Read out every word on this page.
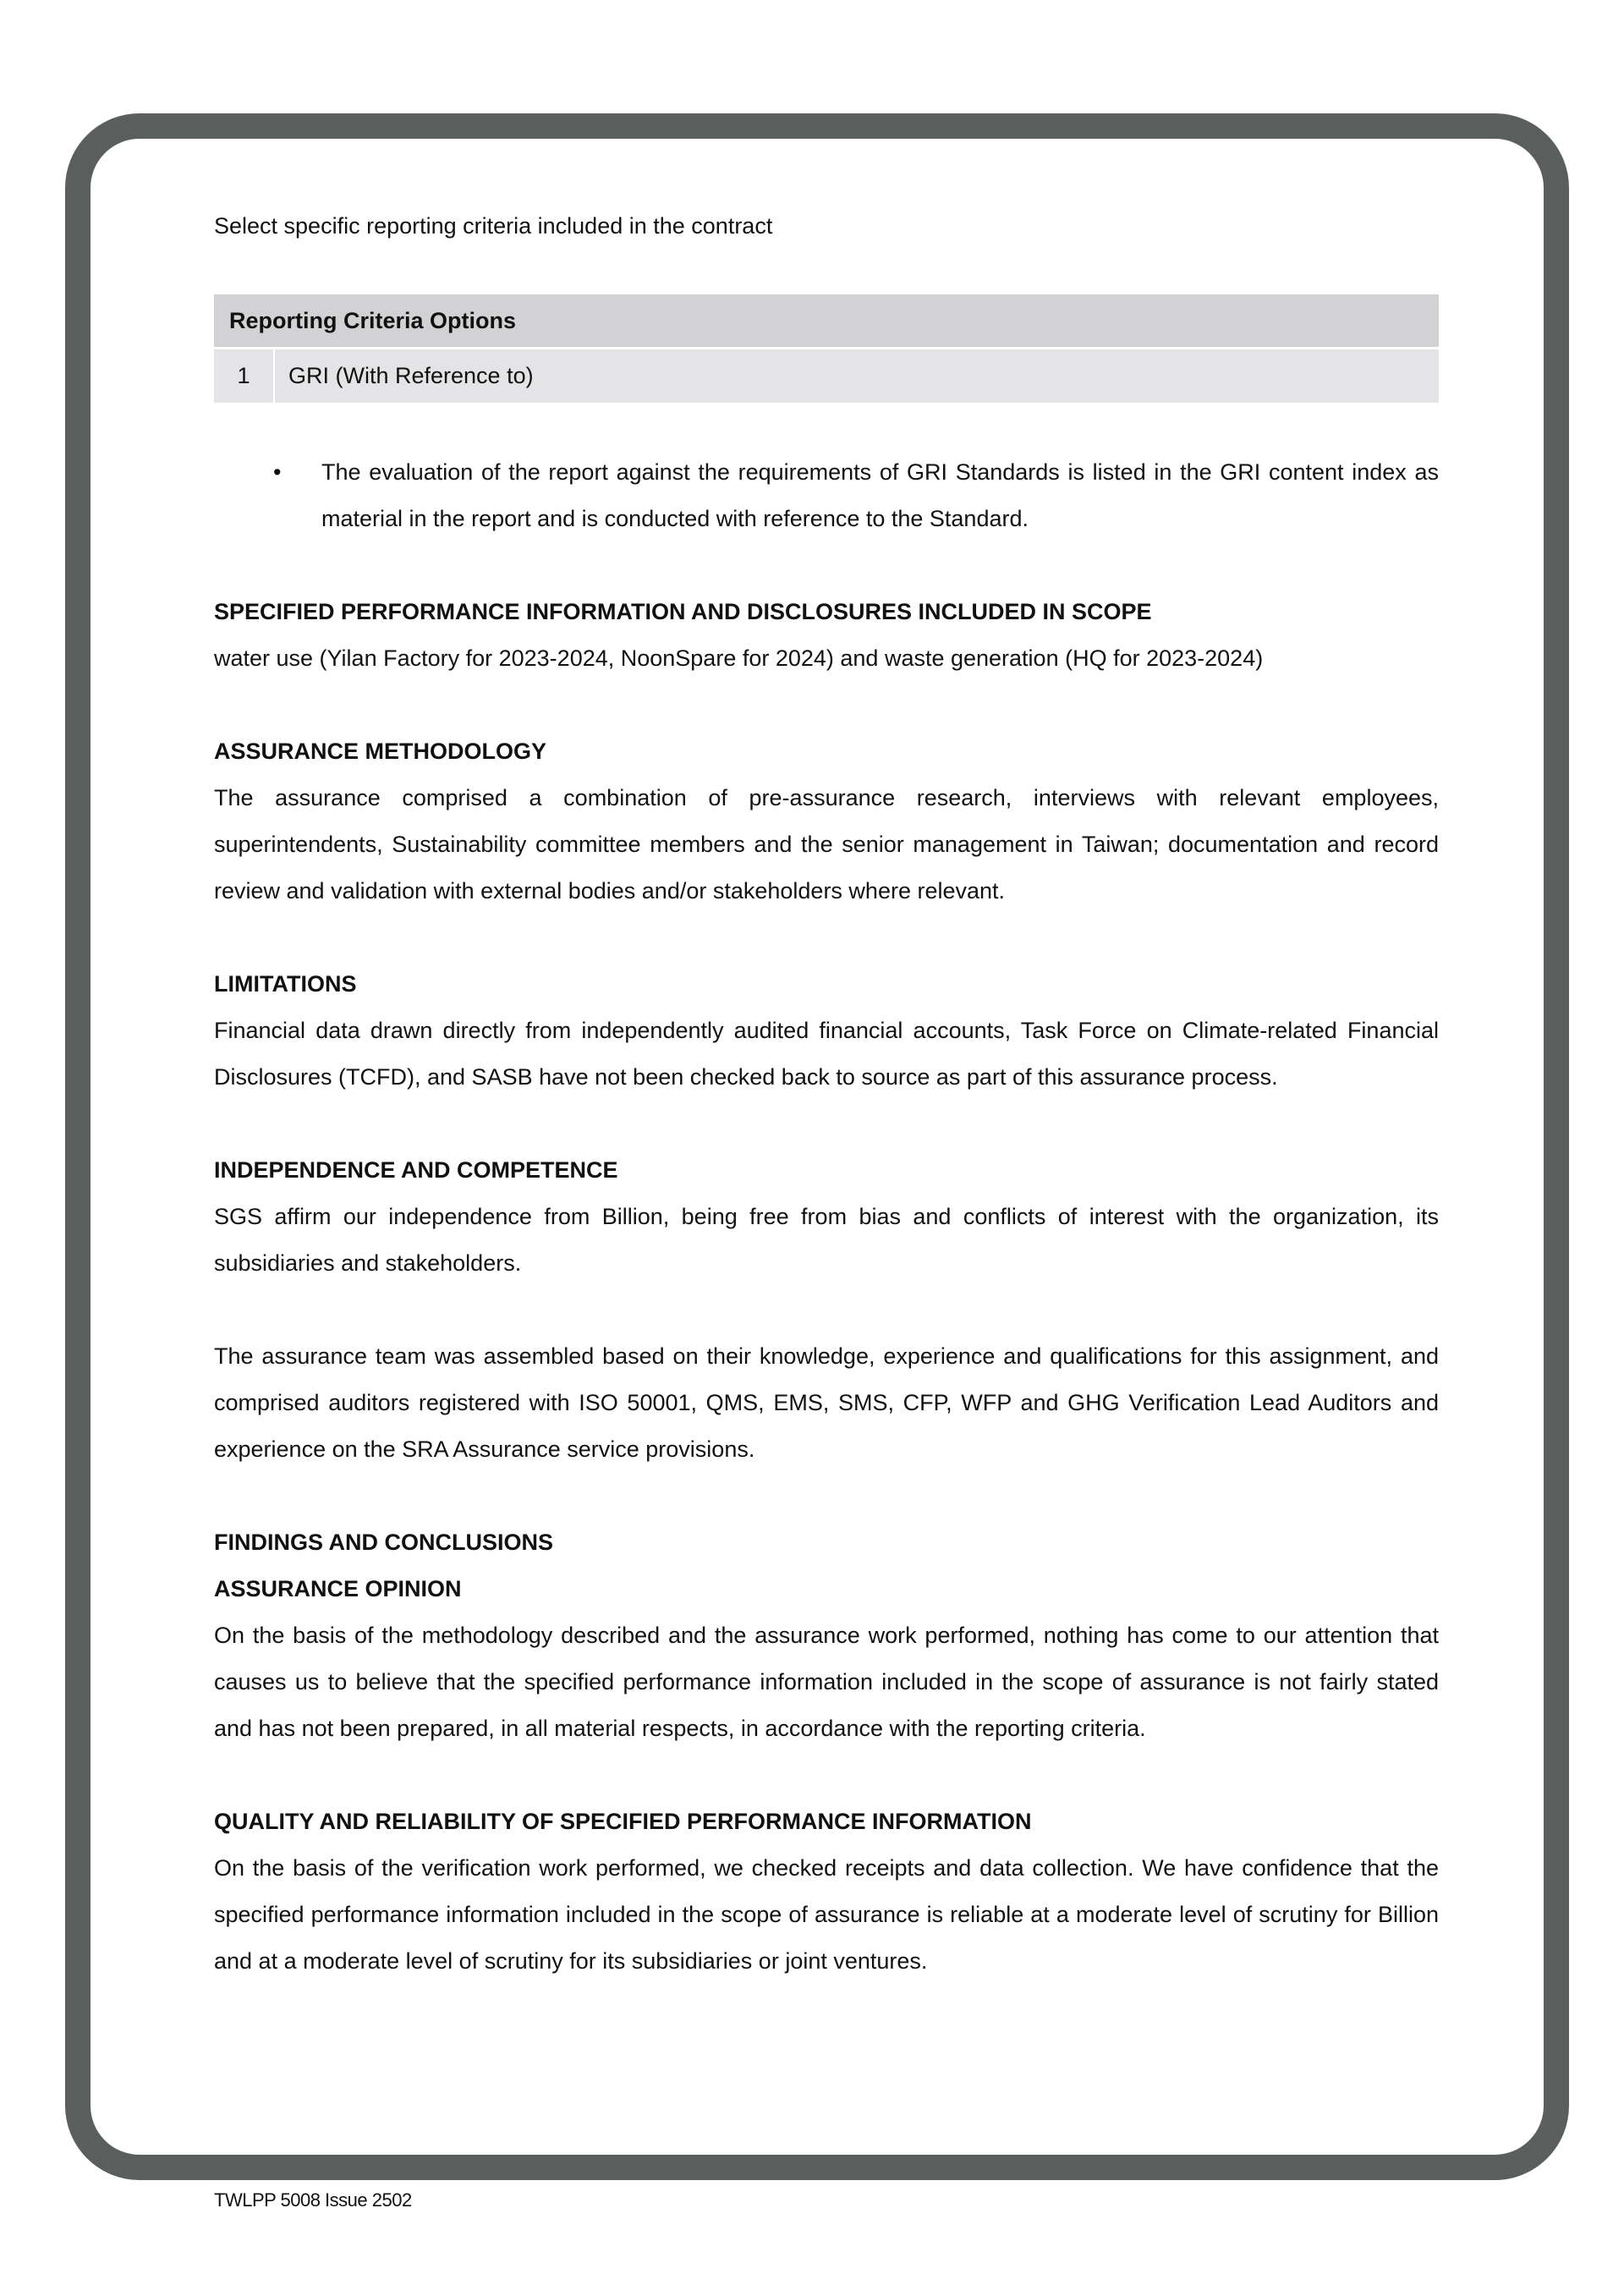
Select specific reporting criteria included in the contract

Reporting Criteria Options
1	GRI (With Reference to)
•	The evaluation of the report against the requirements of GRI Standards is listed in the GRI content index as material in the report and is conducted with reference to the Standard.

SPECIFIED PERFORMANCE INFORMATION AND DISCLOSURES INCLUDED IN SCOPE

water use (Yilan Factory for 2023-2024, NoonSpare for 2024) and waste generation (HQ for 2023-2024)

ASSURANCE METHODOLOGY

The assurance comprised a combination of pre-assurance research, interviews with relevant employees, superintendents, Sustainability committee members and the senior management in Taiwan; documentation and record review and validation with external bodies and/or stakeholders where relevant.

LIMITATIONS

Financial data drawn directly from independently audited financial accounts, Task Force on Climate-related Financial Disclosures (TCFD), and SASB have not been checked back to source as part of this assurance process.

INDEPENDENCE AND COMPETENCE

SGS affirm our independence from Billion, being free from bias and conflicts of interest with the organization, its subsidiaries and stakeholders.

The assurance team was assembled based on their knowledge, experience and qualifications for this assignment, and comprised auditors registered with ISO 50001, QMS, EMS, SMS, CFP, WFP and GHG Verification Lead Auditors and experience on the SRA Assurance service provisions.

FINDINGS AND CONCLUSIONS

ASSURANCE OPINION

On the basis of the methodology described and the assurance work performed, nothing has come to our attention that causes us to believe that the specified performance information included in the scope of assurance is not fairly stated and has not been prepared, in all material respects, in accordance with the reporting criteria.

QUALITY AND RELIABILITY OF SPECIFIED PERFORMANCE INFORMATION

On the basis of the verification work performed, we checked receipts and data collection. We have confidence that the specified performance information included in the scope of assurance is reliable at a moderate level of scrutiny for Billion and at a moderate level of scrutiny for its subsidiaries or joint ventures.

TWLPP 5008 Issue 2502
